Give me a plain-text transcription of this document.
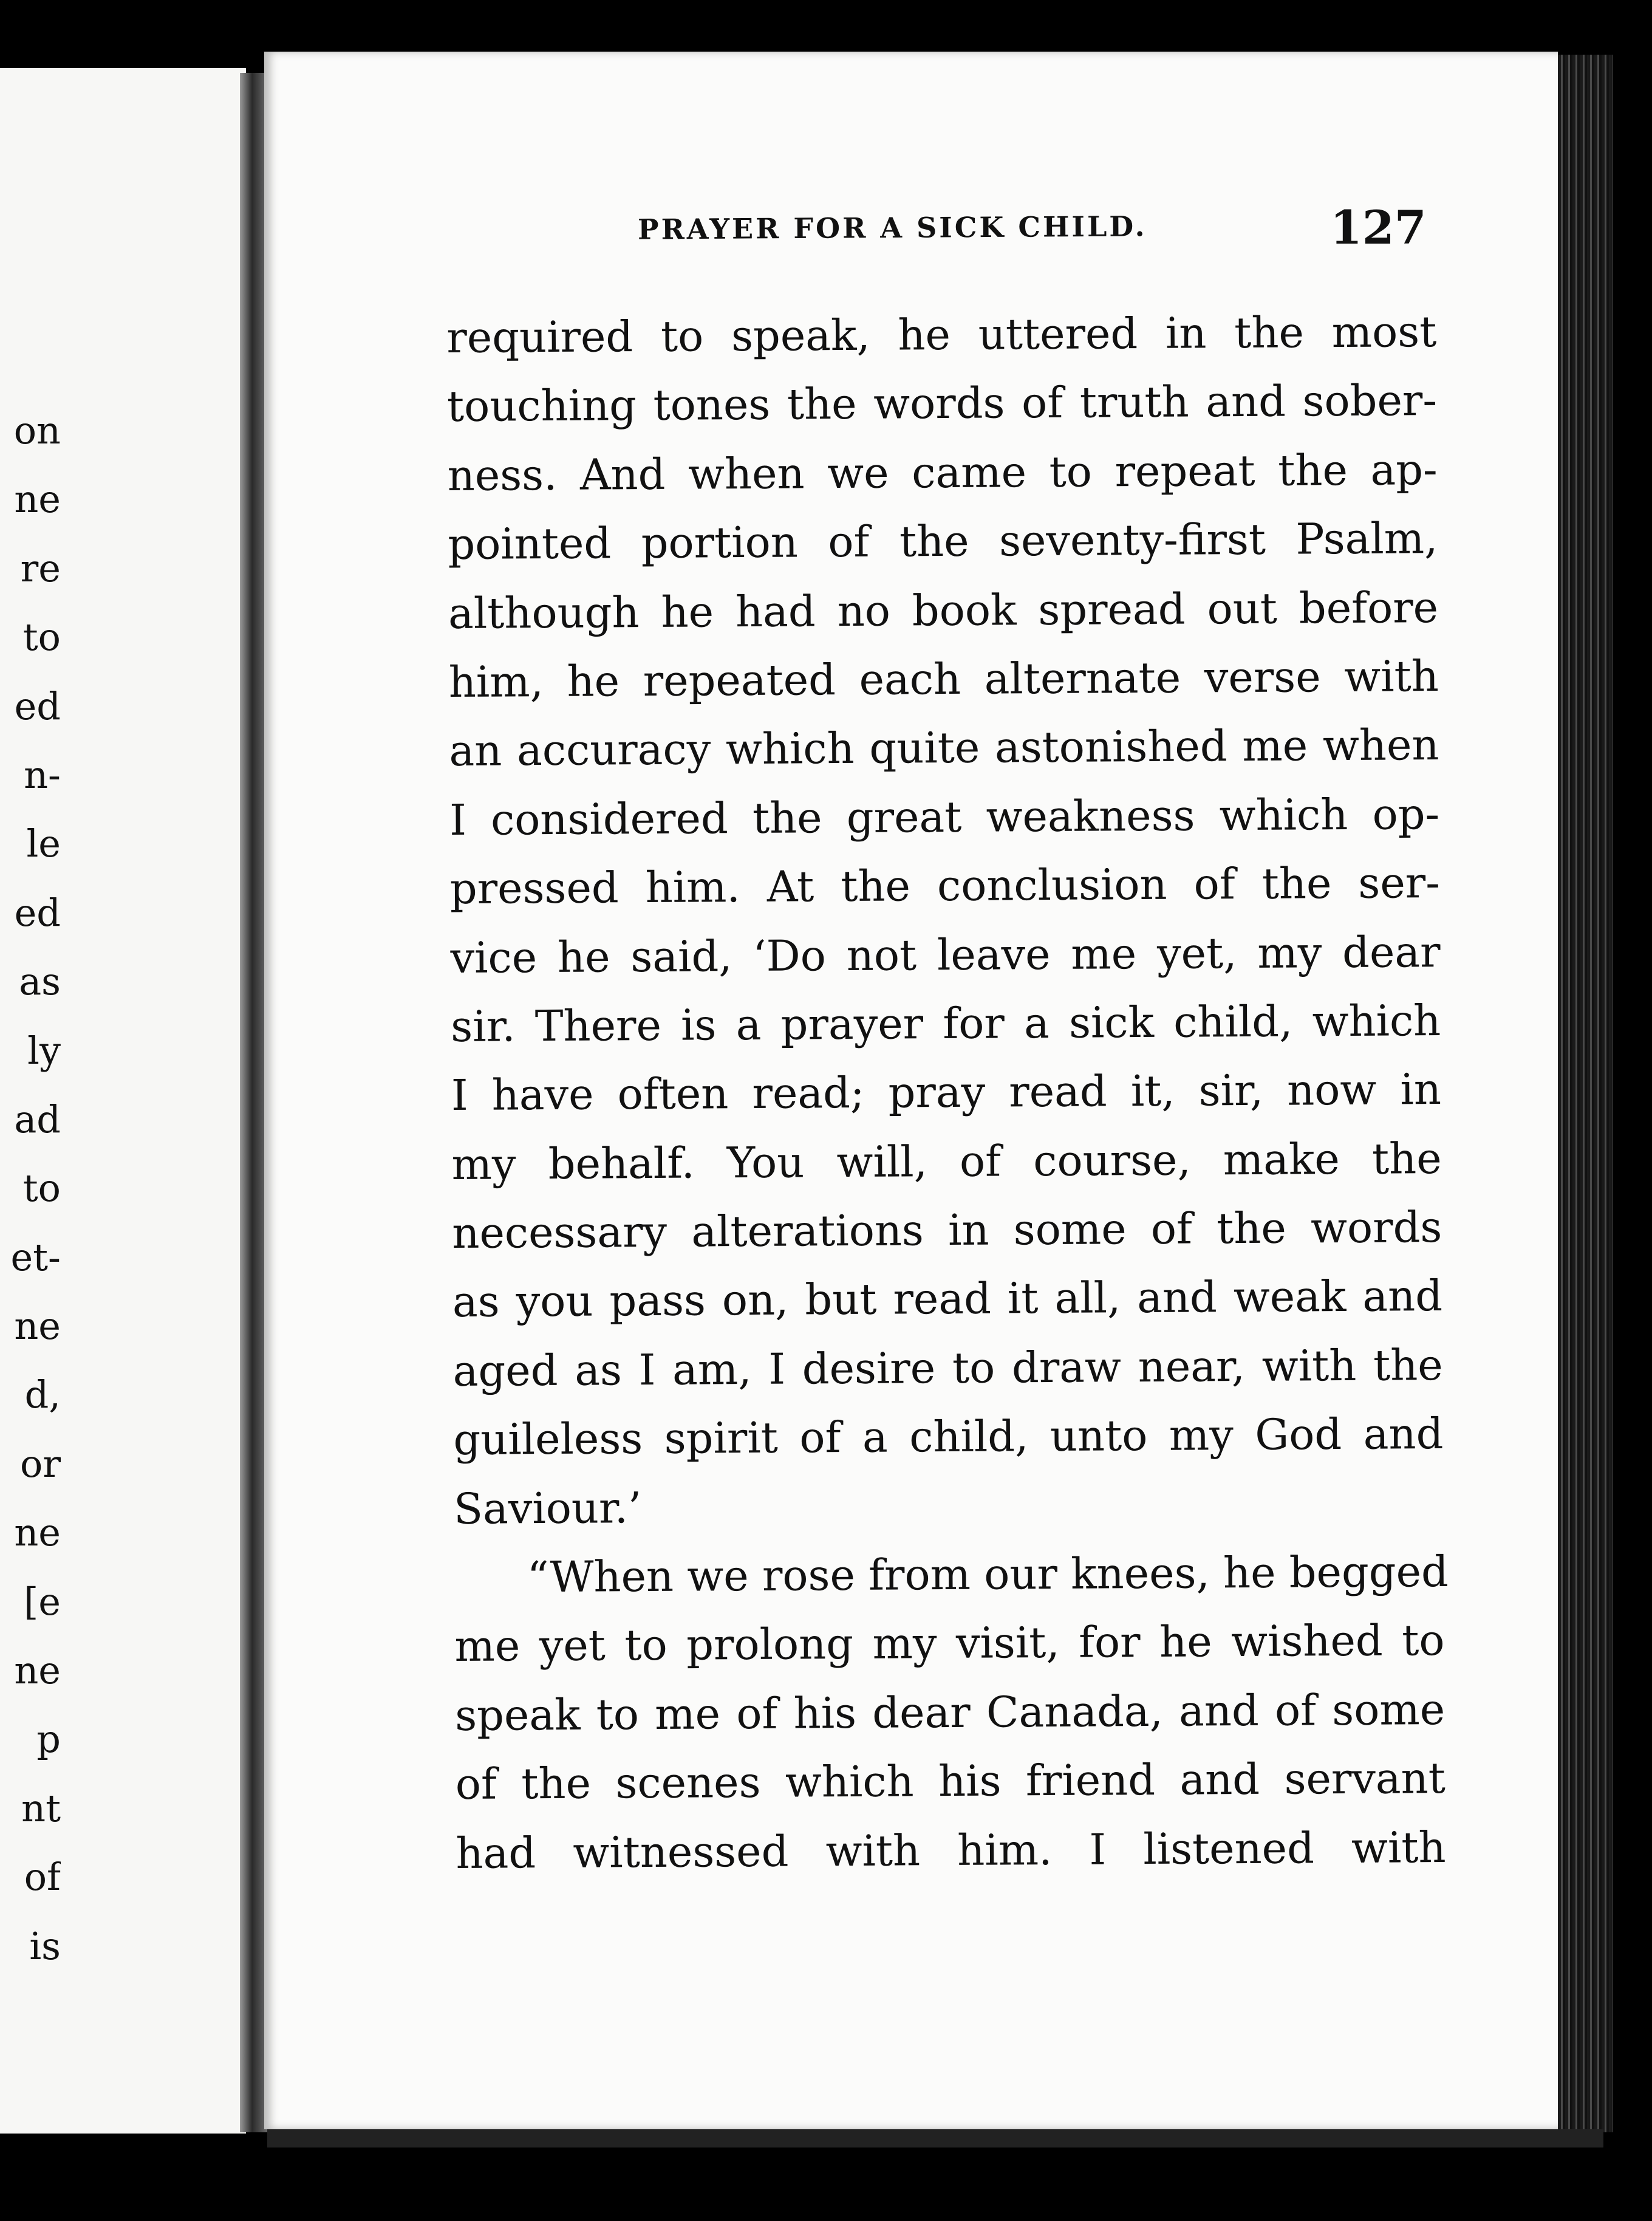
on
ne
re
to
ed
n-
le
ed
as
ly
ad
to
et-
ne
d,
or
ne
[e
ne
p
nt
of
is
PRAYER FOR A SICK CHILD.	127
required to speak, he uttered in the most
touching tones the words of truth and sober-
ness. And when we came to repeat the ap-
pointed portion of the seventy-first Psalm,
although he had no book spread out before
him, he repeated each alternate verse with
an accuracy which quite astonished me when
I considered the great weakness which op-
pressed him. At the conclusion of the ser-
vice he said, ‘Do not leave me yet, my dear
sir. There is a prayer for a sick child, which
I have often read; pray read it, sir, now in
my behalf. You will, of course, make the
necessary alterations in some of the words
as you pass on, but read it all, and weak and
aged as I am, I desire to draw near, with the
guileless spirit of a child, unto my God and
Saviour.’
“When we rose from our knees, he begged
me yet to prolong my visit, for he wished to
speak to me of his dear Canada, and of some
of the scenes which his friend and servant
had witnessed with him. I listened with
